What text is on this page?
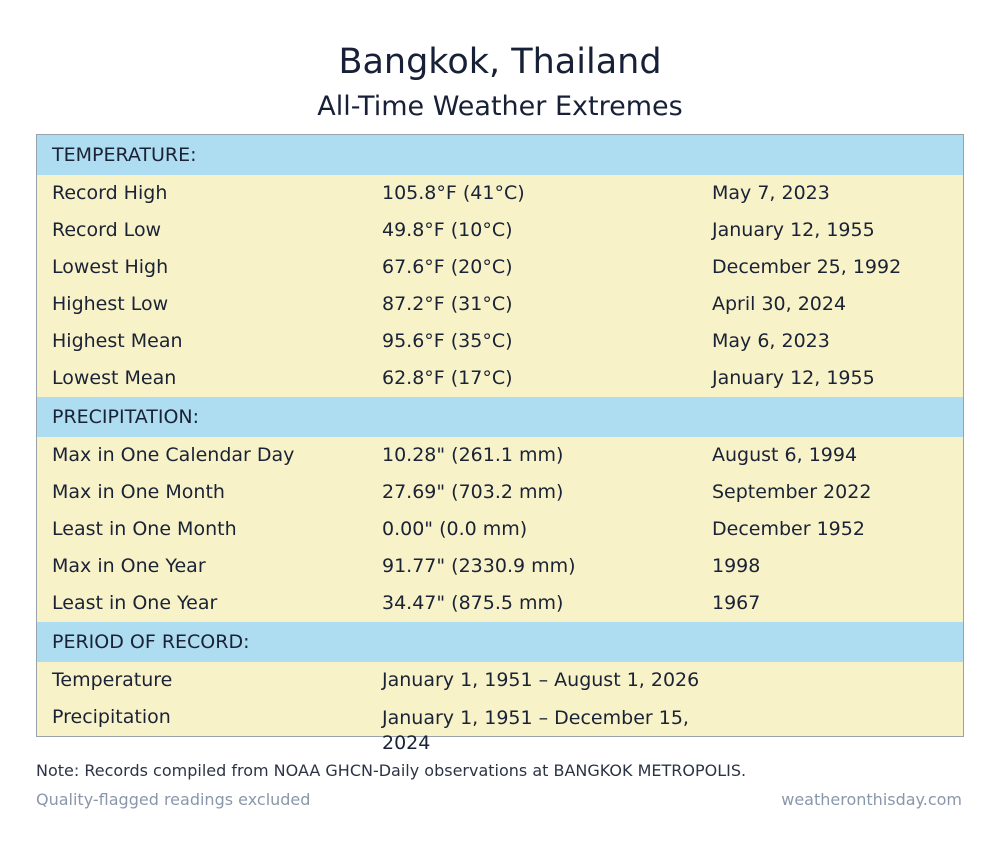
Bangkok, Thailand
All-Time Weather Extremes
TEMPERATURE:
Record High	105.8°F (41°C)	May 7, 2023
Record Low	49.8°F (10°C)	January 12, 1955
Lowest High	67.6°F (20°C)	December 25, 1992
Highest Low	87.2°F (31°C)	April 30, 2024
Highest Mean	95.6°F (35°C)	May 6, 2023
Lowest Mean	62.8°F (17°C)	January 12, 1955
PRECIPITATION:
Max in One Calendar Day	10.28" (261.1 mm)	August 6, 1994
Max in One Month	27.69" (703.2 mm)	September 2022
Least in One Month	0.00" (0.0 mm)	December 1952
Max in One Year	91.77" (2330.9 mm)	1998
Least in One Year	34.47" (875.5 mm)	1967
PERIOD OF RECORD:
Temperature	January 1, 1951 – August 1, 2026
Precipitation	January 1, 1951 – December 15, 2024
Note: Records compiled from NOAA GHCN-Daily observations at BANGKOK METROPOLIS.
Quality-flagged readings excluded	weatheronthisday.com
